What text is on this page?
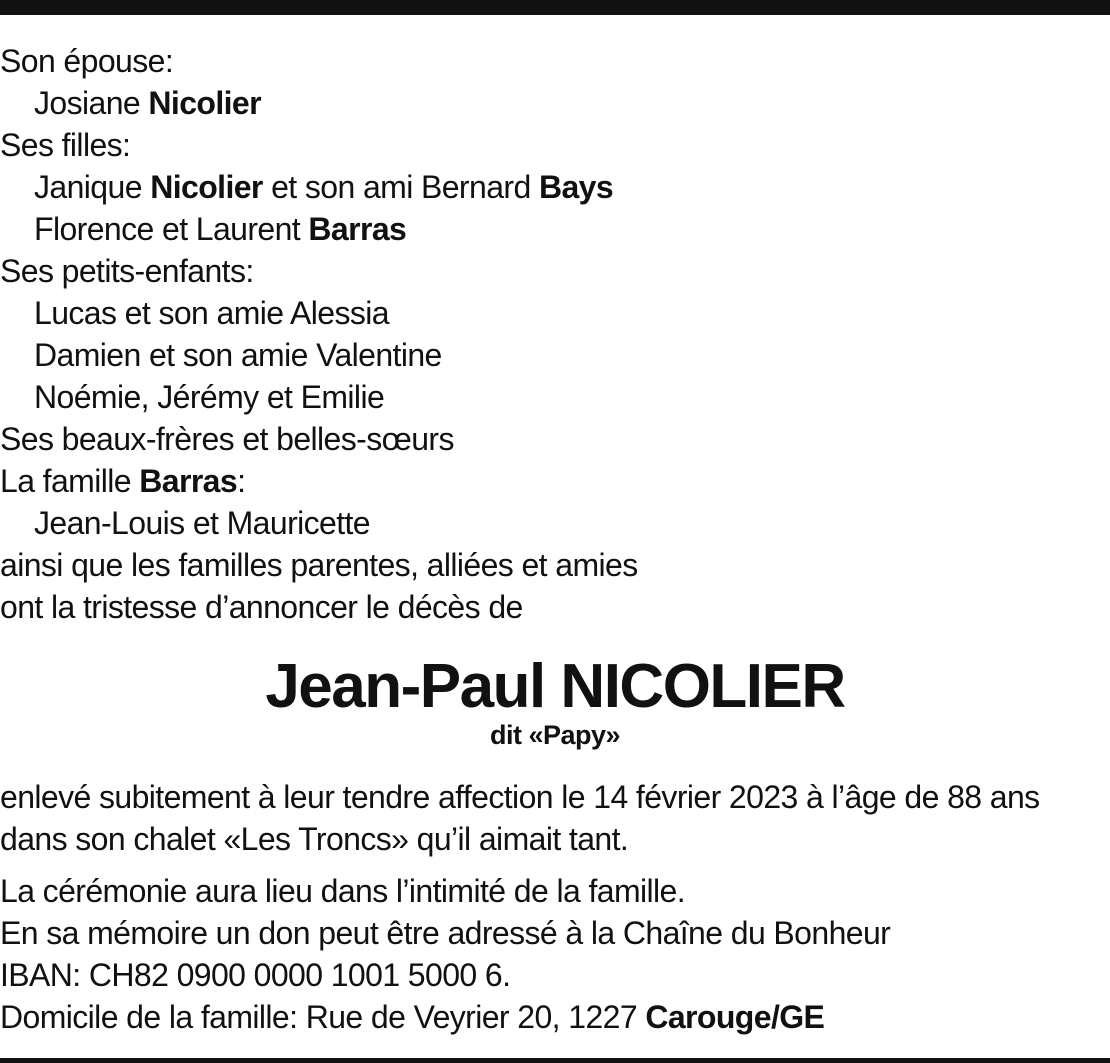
Son épouse:
Josiane Nicolier
Ses filles:
Janique Nicolier et son ami Bernard Bays
Florence et Laurent Barras
Ses petits-enfants:
Lucas et son amie Alessia
Damien et son amie Valentine
Noémie, Jérémy et Emilie
Ses beaux-frères et belles-sœurs
La famille Barras:
Jean-Louis et Mauricette
ainsi que les familles parentes, alliées et amies
ont la tristesse d’annoncer le décès de
Jean-Paul NICOLIER
dit «Papy»
enlevé subitement à leur tendre affection le 14 février 2023 à l’âge de 88 ans
dans son chalet «Les Troncs» qu’il aimait tant.
La cérémonie aura lieu dans l’intimité de la famille.
En sa mémoire un don peut être adressé à la Chaîne du Bonheur
IBAN: CH82 0900 0000 1001 5000 6.
Domicile de la famille: Rue de Veyrier 20, 1227 Carouge/GE
